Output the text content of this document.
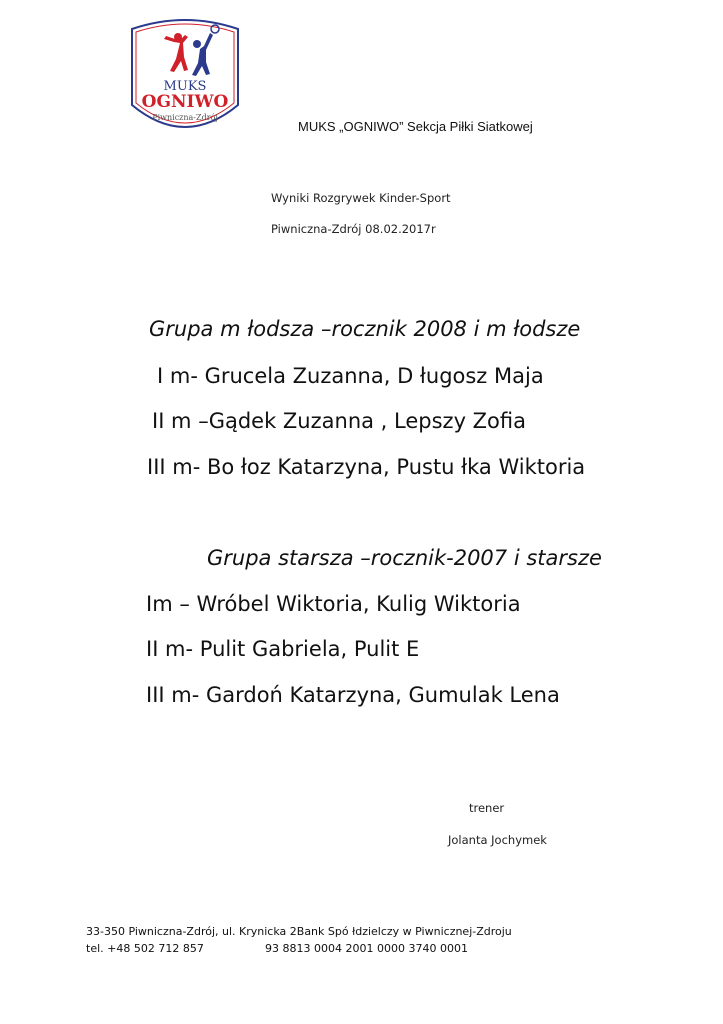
MUKS
OGNIWO
Piwniczna-Zdrój
MUKS „OGNIWO” Sekcja Piłki Siatkowej
Wyniki Rozgrywek Kinder-Sport
Piwniczna-Zdrój 08.02.2017r
Grupa m łodsza –rocznik 2008 i m łodsze
I m- Grucela Zuzanna, D ługosz Maja
II m –Gądek Zuzanna , Lepszy Zofia
III m- Bo łoz Katarzyna, Pustu łka Wiktoria
Grupa starsza –rocznik-2007 i starsze
Im – Wróbel Wiktoria, Kulig Wiktoria
II m- Pulit Gabriela, Pulit E
III m- Gardoń Katarzyna, Gumulak Lena
trener
Jolanta Jochymek
33-350 Piwniczna-Zdrój, ul. Krynicka 2Bank Spó łdzielczy w Piwnicznej-Zdroju
tel. +48 502 712 857	93 8813 0004 2001 0000 3740 0001
